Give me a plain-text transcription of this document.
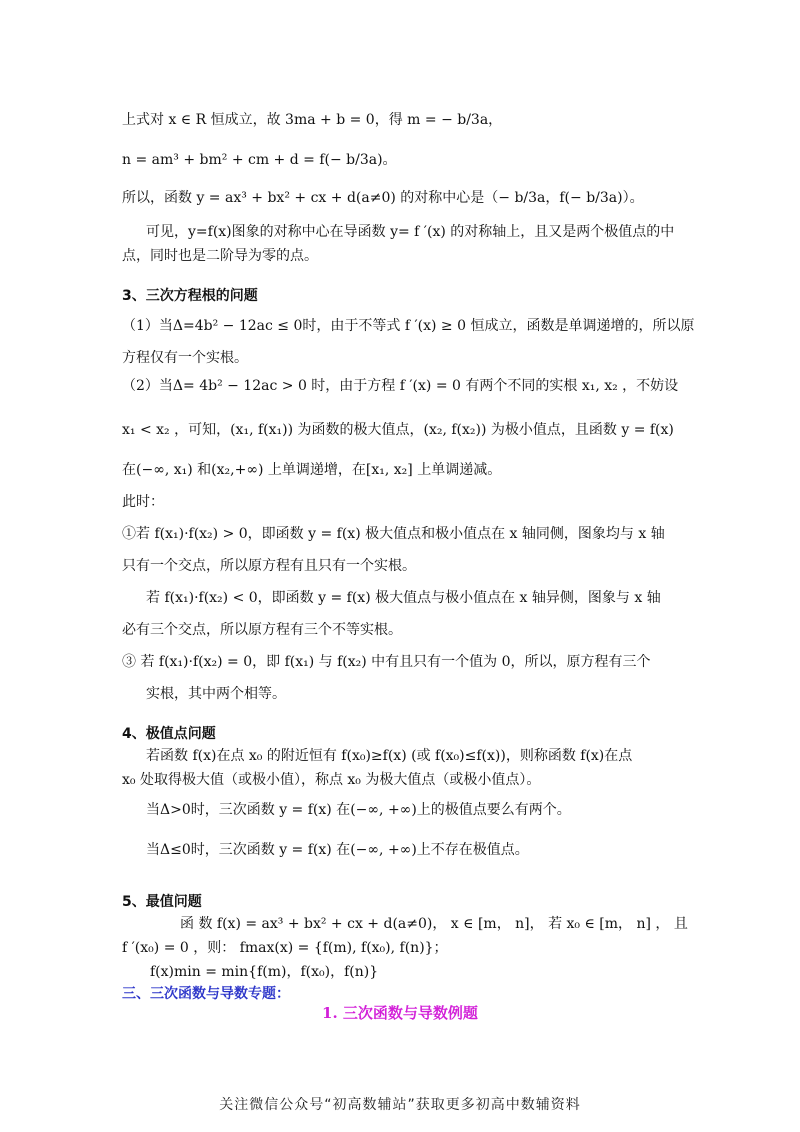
上式对 x ∈ R 恒成立，故 3ma + b = 0，得 m = − b/3a，
n = am³ + bm² + cm + d = f(− b/3a)。
所以，函数 y = ax³ + bx² + cx + d(a≠0) 的对称中心是（− b/3a，f(− b/3a)）。
可见，y=f(x)图象的对称中心在导函数 y= f ′(x) 的对称轴上，且又是两个极值点的中
点，同时也是二阶导为零的点。
3、三次方程根的问题
（1）当Δ=4b² − 12ac ≤ 0时，由于不等式 f ′(x) ≥ 0 恒成立，函数是单调递增的，所以原
方程仅有一个实根。
（2）当Δ= 4b² − 12ac > 0 时，由于方程 f ′(x) = 0 有两个不同的实根 x₁, x₂ ，不妨设
x₁ < x₂ ，可知，(x₁, f(x₁)) 为函数的极大值点，(x₂, f(x₂)) 为极小值点，且函数 y = f(x)
在(−∞, x₁) 和(x₂,+∞) 上单调递增，在[x₁, x₂] 上单调递减。
此时：
①若 f(x₁)·f(x₂) > 0，即函数 y = f(x) 极大值点和极小值点在 x 轴同侧，图象均与 x 轴
只有一个交点，所以原方程有且只有一个实根。
若 f(x₁)·f(x₂) < 0，即函数 y = f(x) 极大值点与极小值点在 x 轴异侧，图象与 x 轴
必有三个交点，所以原方程有三个不等实根。
③ 若 f(x₁)·f(x₂) = 0，即 f(x₁) 与 f(x₂) 中有且只有一个值为 0，所以，原方程有三个
实根，其中两个相等。
4、极值点问题
若函数 f(x)在点 x₀ 的附近恒有 f(x₀)≥f(x) (或 f(x₀)≤f(x))，则称函数 f(x)在点
x₀ 处取得极大值（或极小值），称点 x₀ 为极大值点（或极小值点）。
当Δ>0时，三次函数 y = f(x) 在(−∞, +∞)上的极值点要么有两个。
当Δ≤0时，三次函数 y = f(x) 在(−∞, +∞)上不存在极值点。
5、最值问题
函 数 f(x) = ax³ + bx² + cx + d(a≠0)， x ∈ [m， n]， 若 x₀ ∈ [m， n] ， 且
f ′(x₀) = 0 ，则： fmax(x) = {f(m), f(x₀), f(n)}；
f(x)min = min{f(m)，f(x₀)，f(n)}
三、三次函数与导数专题：
1. 三次函数与导数例题
关注微信公众号“初高数辅站”获取更多初高中数辅资料
